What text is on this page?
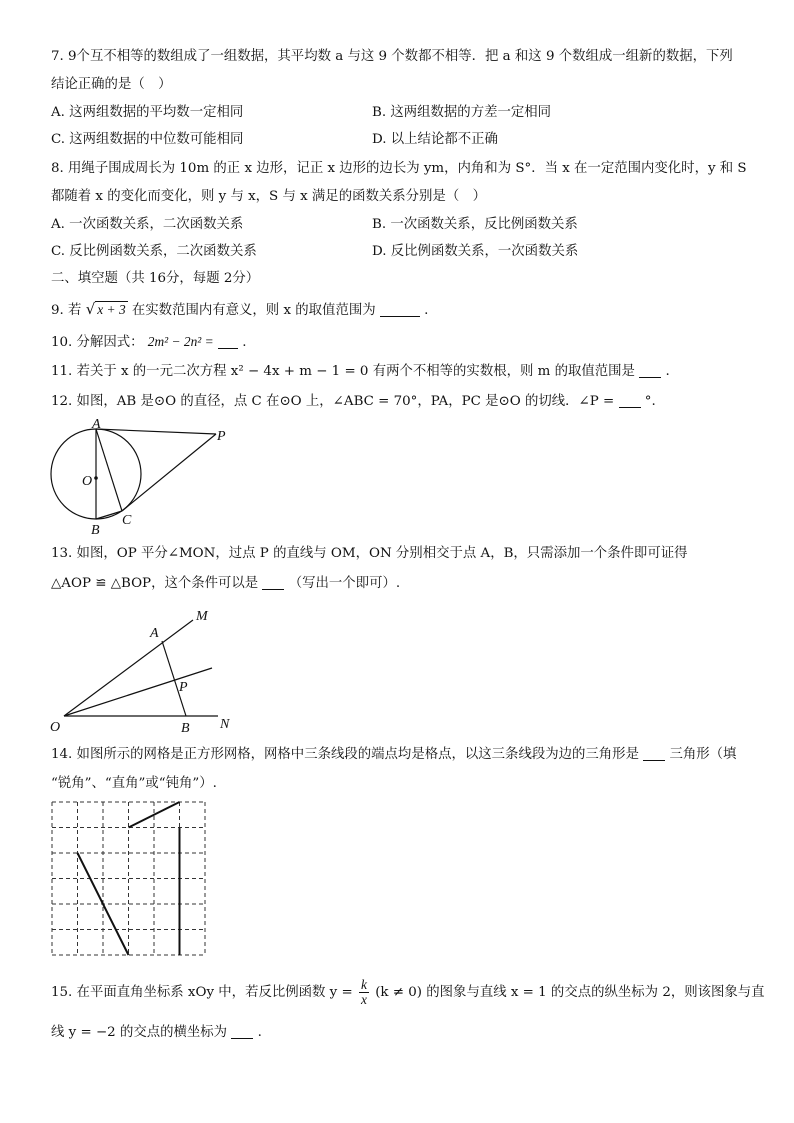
7. 9个互不相等的数组成了一组数据，其平均数 a 与这 9 个数都不相等．把 a 和这 9 个数组成一组新的数据，下列
结论正确的是（　）
A. 这两组数据的平均数一定相同	B. 这两组数据的方差一定相同
C. 这两组数据的中位数可能相同	D. 以上结论都不正确
8. 用绳子围成周长为 10m 的正 x 边形，记正 x 边形的边长为 ym，内角和为 S°．当 x 在一定范围内变化时，y 和 S
都随着 x 的变化而变化，则 y 与 x，S 与 x 满足的函数关系分别是（　）
A. 一次函数关系，二次函数关系	B. 一次函数关系，反比例函数关系
C. 反比例函数关系，二次函数关系	D. 反比例函数关系，一次函数关系
二、填空题（共 16分，每题 2分）
9. 若 √ x + 3 在实数范围内有意义，则 x 的取值范围为	.
10. 分解因式： 2m² − 2n² = .
11. 若关于 x 的一元二次方程 x² − 4x + m − 1 = 0 有两个不相等的实数根，则 m 的取值范围是 .
12. 如图，AB 是⊙O 的直径，点 C 在⊙O 上，∠ABC = 70°，PA，PC 是⊙O 的切线．∠P = °.
A
P
O
B
C
13. 如图，OP 平分∠MON，过点 P 的直线与 OM，ON 分别相交于点 A，B，只需添加一个条件即可证得
△AOP ≌ △BOP，这个条件可以是 （写出一个即可）.
M
A
P
O	B N
14. 如图所示的网格是正方形网格，网格中三条线段的端点均是格点，以这三条线段为边的三角形是 三角形（填
“锐角”、“直角”或“钝角”）.
15. 在平面直角坐标系 xOy 中，若反比例函数 $y = \frac{k}{x} (k \ne 0)$ 的图象与直线 x = 1 的交点的纵坐标为 2，则该图象与直
线 y = −2 的交点的横坐标为 .
